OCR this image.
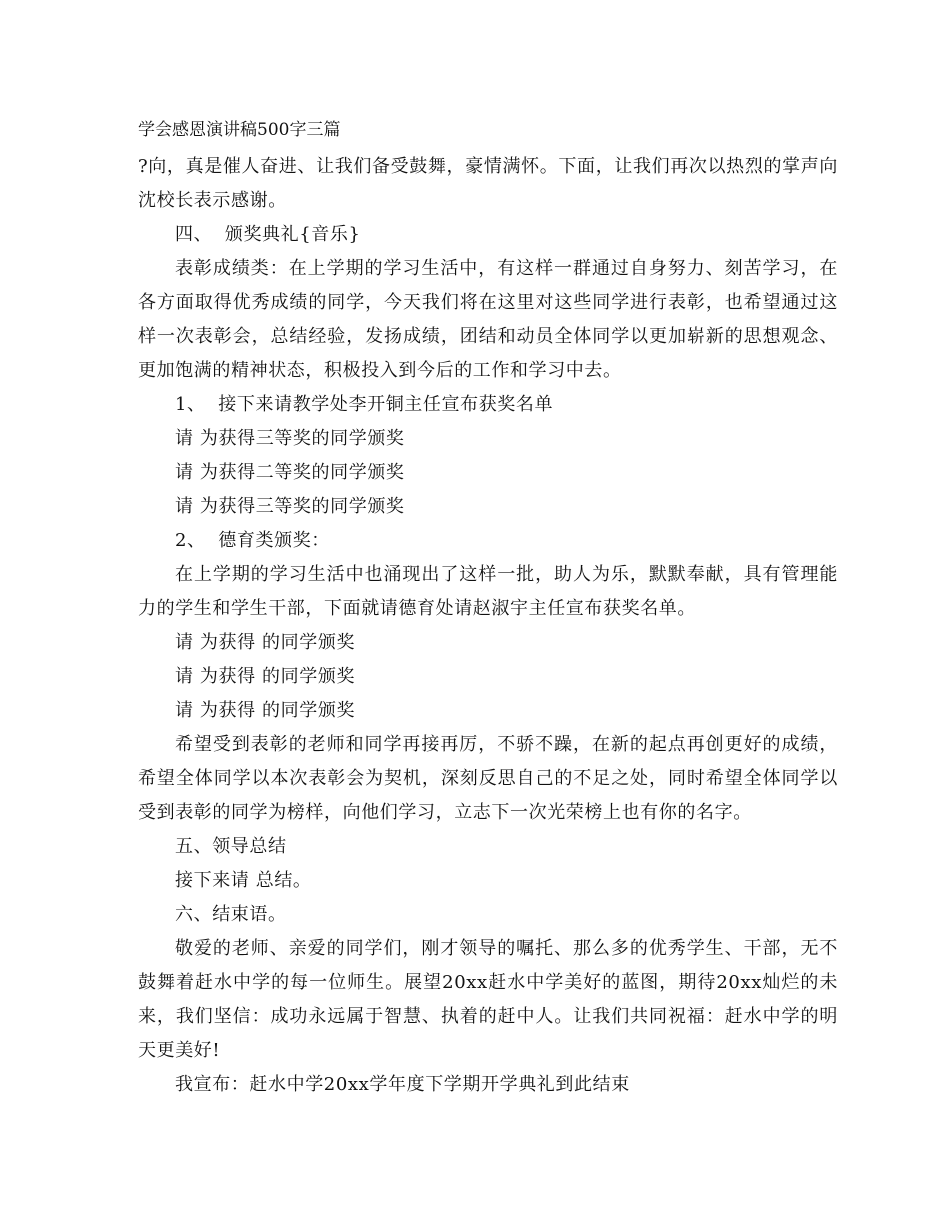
学会感恩演讲稿500字三篇

?向，真是催人奋进、让我们备受鼓舞，豪情满怀。下面，让我们再次以热烈的掌声向沈校长表示感谢。

四、  颁奖典礼{音乐}

表彰成绩类：在上学期的学习生活中，有这样一群通过自身努力、刻苦学习，在各方面取得优秀成绩的同学，今天我们将在这里对这些同学进行表彰，也希望通过这样一次表彰会，总结经验，发扬成绩，团结和动员全体同学以更加崭新的思想观念、更加饱满的精神状态，积极投入到今后的工作和学习中去。

1、  接下来请教学处李开铜主任宣布获奖名单

请 为获得三等奖的同学颁奖

请 为获得二等奖的同学颁奖

请 为获得三等奖的同学颁奖

2、  德育类颁奖：

在上学期的学习生活中也涌现出了这样一批，助人为乐，默默奉献，具有管理能力的学生和学生干部，下面就请德育处请赵淑宇主任宣布获奖名单。

请 为获得 的同学颁奖

请 为获得 的同学颁奖

请 为获得 的同学颁奖

希望受到表彰的老师和同学再接再厉，不骄不躁，在新的起点再创更好的成绩， 希望全体同学以本次表彰会为契机，深刻反思自己的不足之处，同时希望全体同学以受到表彰的同学为榜样，向他们学习，立志下一次光荣榜上也有你的名字。

五、领导总结

接下来请 总结。

六、结束语。

敬爱的老师、亲爱的同学们，刚才领导的嘱托、那么多的优秀学生、干部，无不鼓舞着赶水中学的每一位师生。展望20xx赶水中学美好的蓝图，期待20xx灿烂的未来，我们坚信：成功永远属于智慧、执着的赶中人。让我们共同祝福：赶水中学的明天更美好!

我宣布：赶水中学20xx学年度下学期开学典礼到此结束
